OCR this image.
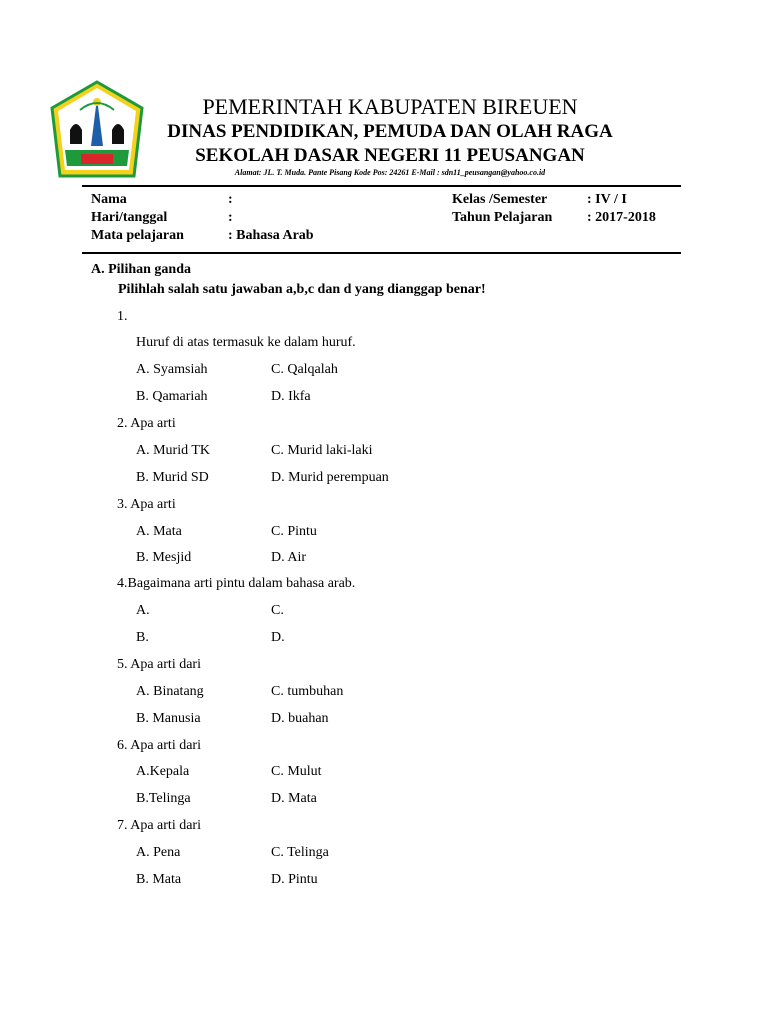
PEMERINTAH KABUPATEN BIREUEN
DINAS PENDIDIKAN, PEMUDA DAN OLAH RAGA
SEKOLAH DASAR NEGERI 11 PEUSANGAN
Alamat: JL. T. Muda. Pante Pisang Kode Pos: 24261 E-Mail : sdn11_peusangan@yahoo.co.id
Nama	:	Kelas /Semester	: IV / I
Hari/tanggal	:	Tahun Pelajaran : 2017-2018
Mata pelajaran	: Bahasa Arab
A. Pilihan ganda
Pilihlah salah satu jawaban a,b,c dan d yang dianggap benar!
1.
Huruf di atas termasuk ke dalam huruf.
A. Syamsiah	C. Qalqalah
B. Qamariah	D. Ikfa
2. Apa arti
A. Murid TK	C. Murid laki-laki
B. Murid SD	D. Murid perempuan
3. Apa arti
A. Mata	C. Pintu
B. Mesjid	D. Air
4.Bagaimana arti pintu dalam bahasa arab.
A.	C.
B.	D.
5. Apa arti dari
A. Binatang	C. tumbuhan
B. Manusia	D. buahan
6. Apa arti dari
A.Kepala	C. Mulut
B.Telinga	D. Mata
7. Apa arti dari
A. Pena	C. Telinga
B. Mata	D. Pintu
